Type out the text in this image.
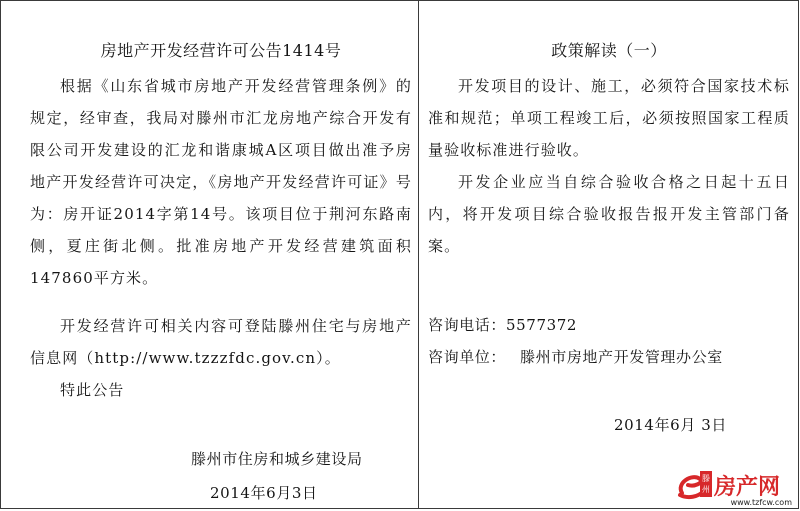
房地产开发经营许可公告1414号
根据《山东省城市房地产开发经营管理条例》的规定，经审查，我局对滕州市汇龙房地产综合开发有限公司开发建设的汇龙和谐康城A区项目做出准予房地产开发经营许可决定，《房地产开发经营许可证》号为：房开证2014字第14号。该项目位于荆河东路南侧，夏庄街北侧。批准房地产开发经营建筑面积147860平方米。
开发经营许可相关内容可登陆滕州住宅与房地产信息网（http://www.tzzzfdc.gov.cn）。
特此公告
滕州市住房和城乡建设局
2014年6月3日
政策解读（一）
开发项目的设计、施工，必须符合国家技术标准和规范；单项工程竣工后，必须按照国家工程质量验收标准进行验收。
开发企业应当自综合验收合格之日起十五日内，将开发项目综合验收报告报开发主管部门备案。
咨询电话：5577372
咨询单位： 滕州市房地产开发管理办公室
2014年6月 3日
滕
州 房产网
www.tzfcw.com
